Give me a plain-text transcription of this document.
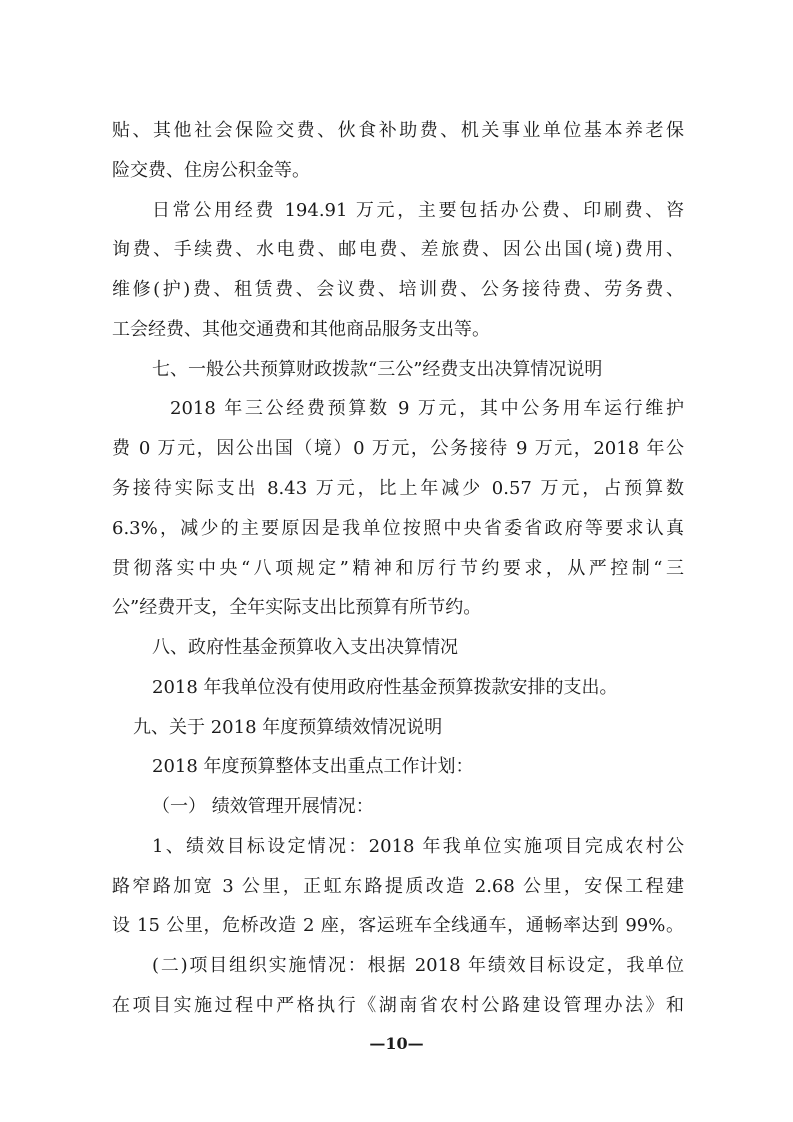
贴、其他社会保险交费、伙食补助费、机关事业单位基本养老保
险交费、住房公积金等。
日常公用经费 194.91 万元，主要包括办公费、印刷费、咨
询费、手续费、水电费、邮电费、差旅费、因公出国(境)费用、
维修(护)费、租赁费、会议费、培训费、公务接待费、劳务费、
工会经费、其他交通费和其他商品服务支出等。
七、一般公共预算财政拨款“三公”经费支出决算情况说明
2018 年三公经费预算数 9 万元，其中公务用车运行维护
费 0 万元，因公出国（境）0 万元，公务接待 9 万元，2018 年公
务接待实际支出 8.43 万元，比上年减少 0.57 万元，占预算数
6.3%，减少的主要原因是我单位按照中央省委省政府等要求认真
贯彻落实中央“八项规定”精神和厉行节约要求，从严控制“三
公”经费开支，全年实际支出比预算有所节约。
八、政府性基金预算收入支出决算情况
2018 年我单位没有使用政府性基金预算拨款安排的支出。
九、关于 2018 年度预算绩效情况说明
2018 年度预算整体支出重点工作计划：
（一） 绩效管理开展情况：
1、绩效目标设定情况：2018 年我单位实施项目完成农村公
路窄路加宽 3 公里，正虹东路提质改造 2.68 公里，安保工程建
设 15 公里，危桥改造 2 座，客运班车全线通车，通畅率达到 99%。
(二)项目组织实施情况：根据 2018 年绩效目标设定，我单位
在项目实施过程中严格执行《湖南省农村公路建设管理办法》和
—10—
